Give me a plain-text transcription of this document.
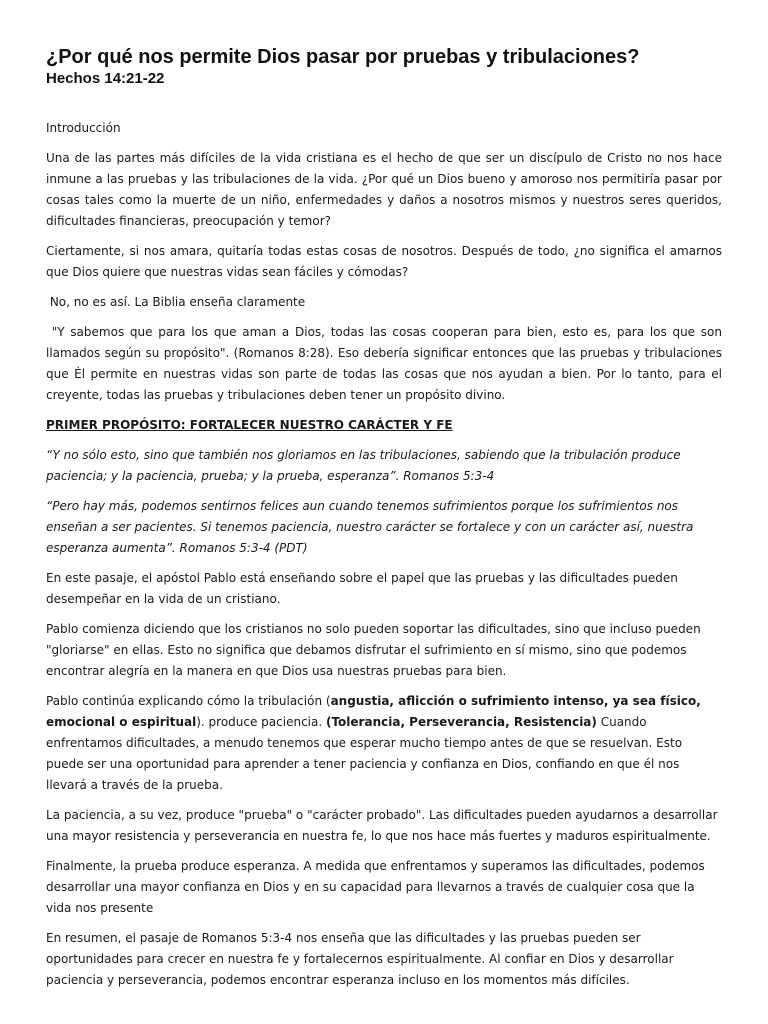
¿Por qué nos permite Dios pasar por pruebas y tribulaciones?
Hechos 14:21-22

Introducción

Una de las partes más difíciles de la vida cristiana es el hecho de que ser un discípulo de Cristo no nos hace inmune a las pruebas y las tribulaciones de la vida. ¿Por qué un Dios bueno y amoroso nos permitiría pasar por cosas tales como la muerte de un niño, enfermedades y daños a nosotros mismos y nuestros seres queridos, dificultades financieras, preocupación y temor?

Ciertamente, si nos amara, quitaría todas estas cosas de nosotros. Después de todo, ¿no significa el amarnos que Dios quiere que nuestras vidas sean fáciles y cómodas?

No, no es así. La Biblia enseña claramente

"Y sabemos que para los que aman a Dios, todas las cosas cooperan para bien, esto es, para los que son llamados según su propósito". (Romanos 8:28). Eso debería significar entonces que las pruebas y tribulaciones que Él permite en nuestras vidas son parte de todas las cosas que nos ayudan a bien. Por lo tanto, para el creyente, todas las pruebas y tribulaciones deben tener un propósito divino.

PRIMER PROPÓSITO: FORTALECER NUESTRO CARÁCTER Y FE

“Y no sólo esto, sino que también nos gloriamos en las tribulaciones, sabiendo que la tribulación produce paciencia; y la paciencia, prueba; y la prueba, esperanza”. Romanos 5:3-4

“Pero hay más, podemos sentirnos felices aun cuando tenemos sufrimientos porque los sufrimientos nos enseñan a ser pacientes. Si tenemos paciencia, nuestro carácter se fortalece y con un carácter así, nuestra esperanza aumenta”. Romanos 5:3-4 (PDT)

En este pasaje, el apóstol Pablo está enseñando sobre el papel que las pruebas y las dificultades pueden desempeñar en la vida de un cristiano.

Pablo comienza diciendo que los cristianos no solo pueden soportar las dificultades, sino que incluso pueden "gloriarse" en ellas. Esto no significa que debamos disfrutar el sufrimiento en sí mismo, sino que podemos encontrar alegría en la manera en que Dios usa nuestras pruebas para bien.

Pablo continúa explicando cómo la tribulación (angustia, aflicción o sufrimiento intenso, ya sea físico, emocional o espiritual). produce paciencia. (Tolerancia, Perseverancia, Resistencia) Cuando enfrentamos dificultades, a menudo tenemos que esperar mucho tiempo antes de que se resuelvan. Esto puede ser una oportunidad para aprender a tener paciencia y confianza en Dios, confiando en que él nos llevará a través de la prueba.

La paciencia, a su vez, produce "prueba" o "carácter probado". Las dificultades pueden ayudarnos a desarrollar una mayor resistencia y perseverancia en nuestra fe, lo que nos hace más fuertes y maduros espiritualmente.

Finalmente, la prueba produce esperanza. A medida que enfrentamos y superamos las dificultades, podemos desarrollar una mayor confianza en Dios y en su capacidad para llevarnos a través de cualquier cosa que la vida nos presente

En resumen, el pasaje de Romanos 5:3-4 nos enseña que las dificultades y las pruebas pueden ser oportunidades para crecer en nuestra fe y fortalecernos espiritualmente. Al confiar en Dios y desarrollar paciencia y perseverancia, podemos encontrar esperanza incluso en los momentos más difíciles.
